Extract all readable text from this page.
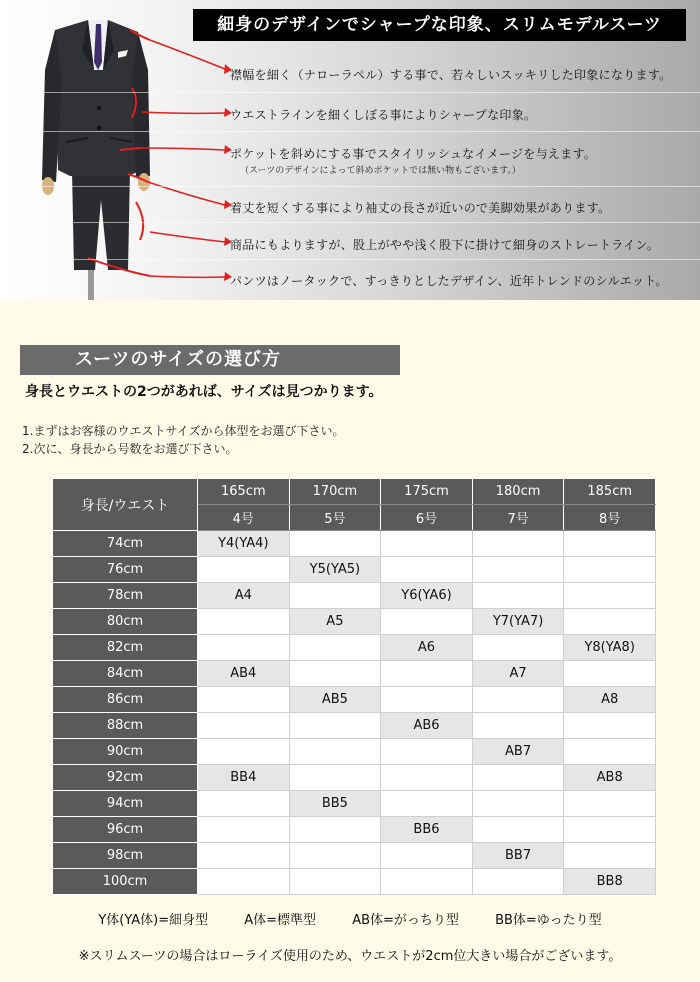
細身のデザインでシャープな印象、スリムモデルスーツ
襟幅を細く（ナローラペル）する事で、若々しいスッキリした印象になります。
ウエストラインを細くしぼる事によりシャープな印象。
ポケットを斜めにする事でスタイリッシュなイメージを与えます。
（スーツのデザインによって斜めポケットでは無い物もございます。）
着丈を短くする事により袖丈の長さが近いので美脚効果があります。
商品にもよりますが、股上がやや浅く股下に掛けて細身のストレートライン。
パンツはノータックで、すっきりとしたデザイン、近年トレンドのシルエット。
スーツのサイズの選び方
身長とウエストの2つがあれば、サイズは見つかります。
1.まずはお客様のウエストサイズから体型をお選び下さい。
2.次に、身長から号数をお選び下さい。
身長/ウエスト	165cm	170cm	175cm	180cm	185cm
	4号	5号	6号	7号	8号
74cm	Y4(YA4)				
76cm		Y5(YA5)			
78cm	A4		Y6(YA6)		
80cm		A5		Y7(YA7)	
82cm			A6		Y8(YA8)
84cm	AB4			A7	
86cm		AB5			A8
88cm			AB6		
90cm				AB7	
92cm	BB4				AB8
94cm		BB5			
96cm			BB6		
98cm				BB7	
100cm					BB8
Y体(YA体)=細身型	A体=標準型	AB体=がっちり型	BB体=ゆったり型
※スリムスーツの場合はローライズ使用のため、ウエストが2cm位大きい場合がございます。
